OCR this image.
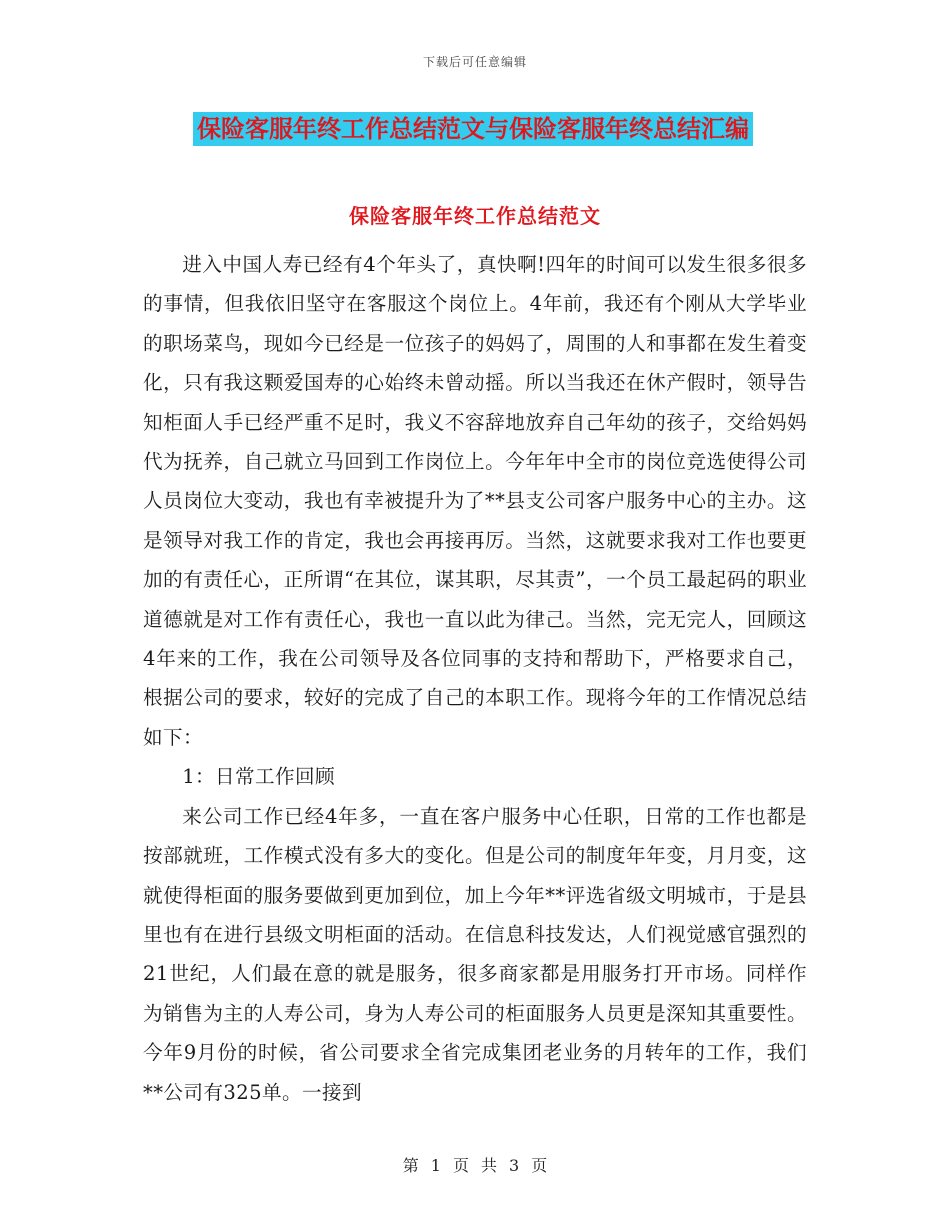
下载后可任意编辑
保险客服年终工作总结范文与保险客服年终总结汇编
保险客服年终工作总结范文

进入中国人寿已经有4个年头了，真快啊!四年的时间可以发生很多很多的事情，但我依旧坚守在客服这个岗位上。4年前，我还有个刚从大学毕业的职场菜鸟，现如今已经是一位孩子的妈妈了，周围的人和事都在发生着变化，只有我这颗爱国寿的心始终未曾动摇。所以当我还在休产假时，领导告知柜面人手已经严重不足时，我义不容辞地放弃自己年幼的孩子，交给妈妈代为抚养，自己就立马回到工作岗位上。今年年中全市的岗位竞选使得公司人员岗位大变动，我也有幸被提升为了**县支公司客户服务中心的主办。这是领导对我工作的肯定，我也会再接再厉。当然，这就要求我对工作也要更加的有责任心，正所谓“在其位，谋其职，尽其责”，一个员工最起码的职业道德就是对工作有责任心，我也一直以此为律己。当然，完无完人，回顾这4年来的工作，我在公司领导及各位同事的支持和帮助下，严格要求自己，根据公司的要求，较好的完成了自己的本职工作。现将今年的工作情况总结如下：

1：日常工作回顾

来公司工作已经4年多，一直在客户服务中心任职，日常的工作也都是按部就班，工作模式没有多大的变化。但是公司的制度年年变，月月变，这就使得柜面的服务要做到更加到位，加上今年**评选省级文明城市，于是县里也有在进行县级文明柜面的活动。在信息科技发达，人们视觉感官强烈的21世纪，人们最在意的就是服务，很多商家都是用服务打开市场。同样作为销售为主的人寿公司，身为人寿公司的柜面服务人员更是深知其重要性。今年9月份的时候，省公司要求全省完成集团老业务的月转年的工作，我们**公司有325单。一接到

第 1 页 共 3 页
